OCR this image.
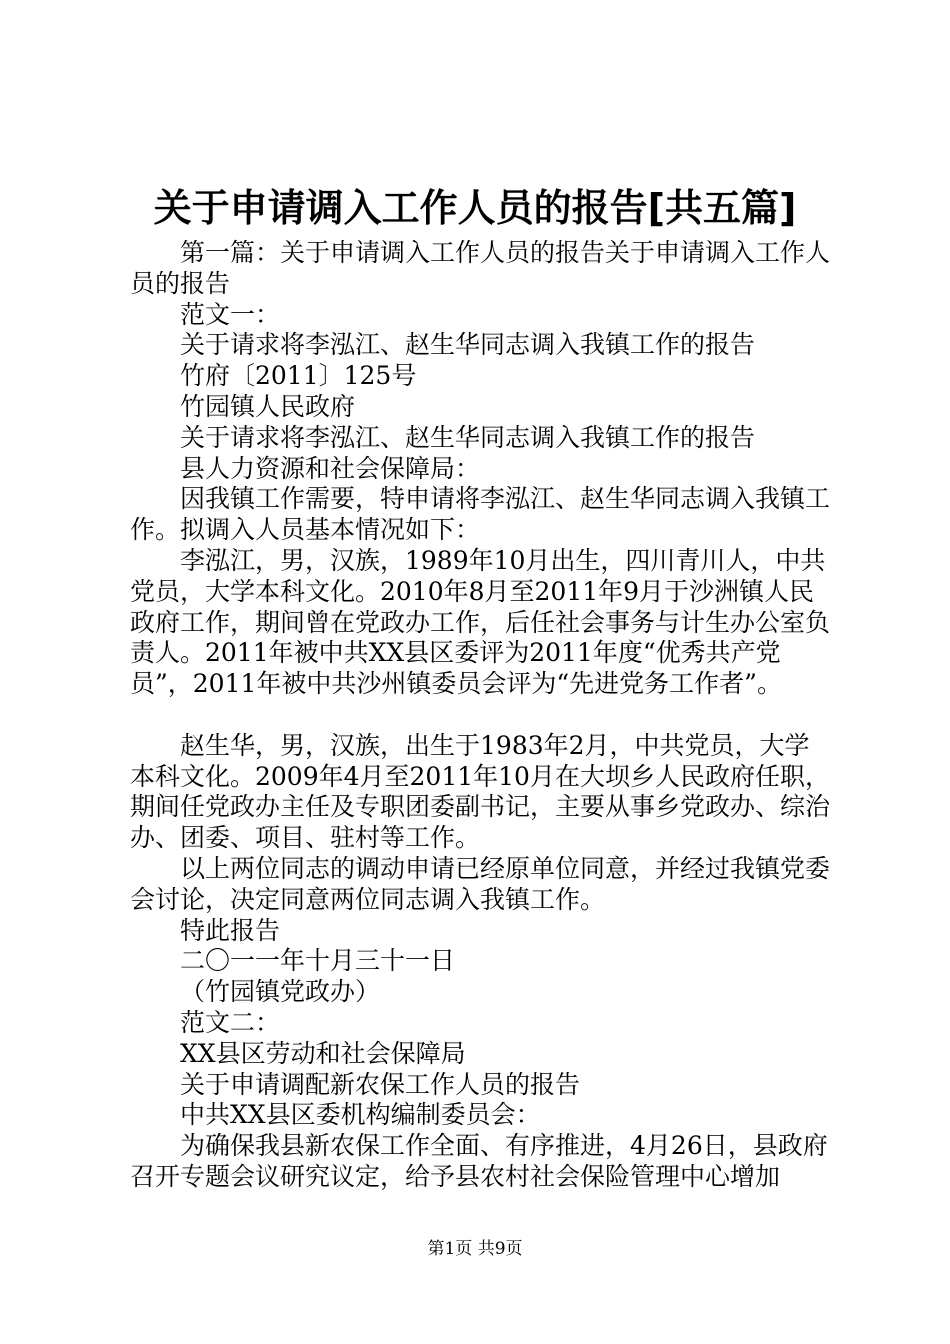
关于申请调入工作人员的报告[共五篇]

第一篇：关于申请调入工作人员的报告关于申请调入工作人员的报告

范文一：

关于请求将李泓江、赵生华同志调入我镇工作的报告

竹府〔2011〕125号

竹园镇人民政府

关于请求将李泓江、赵生华同志调入我镇工作的报告

县人力资源和社会保障局：

因我镇工作需要，特申请将李泓江、赵生华同志调入我镇工作。拟调入人员基本情况如下：

李泓江，男，汉族，1989年10月出生，四川青川人，中共党员，大学本科文化。2010年8月至2011年9月于沙洲镇人民政府工作，期间曾在党政办工作，后任社会事务与计生办公室负责人。2011年被中共XX县区委评为2011年度“优秀共产党员”，2011年被中共沙州镇委员会评为“先进党务工作者”。

赵生华，男，汉族，出生于1983年2月，中共党员，大学本科文化。2009年4月至2011年10月在大坝乡人民政府任职，期间任党政办主任及专职团委副书记，主要从事乡党政办、综治办、团委、项目、驻村等工作。

以上两位同志的调动申请已经原单位同意，并经过我镇党委会讨论，决定同意两位同志调入我镇工作。

特此报告

二〇一一年十月三十一日

（竹园镇党政办）

范文二：

XX县区劳动和社会保障局

关于申请调配新农保工作人员的报告

中共XX县区委机构编制委员会：

为确保我县新农保工作全面、有序推进，4月26日，县政府召开专题会议研究议定，给予县农村社会保险管理中心增加

第1页 共9页
